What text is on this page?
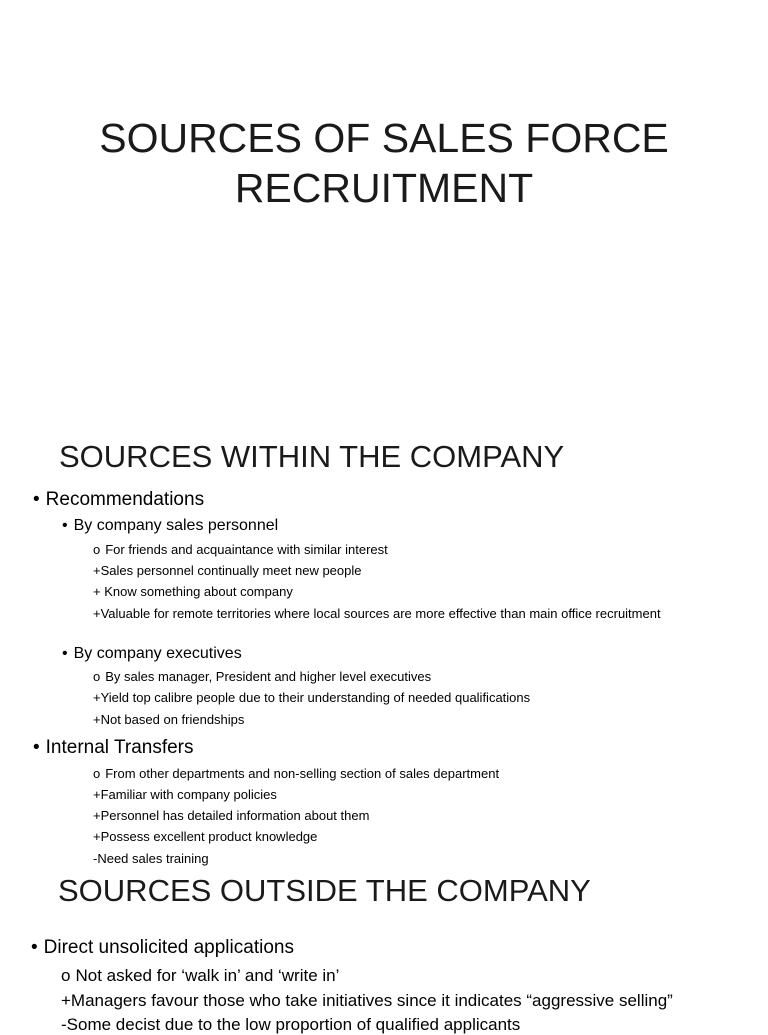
SOURCES OF SALES FORCE
RECRUITMENT
SOURCES WITHIN THE COMPANY
• Recommendations
• By company sales personnel
o For friends and acquaintance with similar interest
+Sales personnel continually meet new people
+ Know something about company
+Valuable for remote territories where local sources are more effective than main office recruitment
• By company executives
o By sales manager, President and higher level executives
+Yield top calibre people due to their understanding of needed qualifications
+Not based on friendships
• Internal Transfers
o From other departments and non-selling section of sales department
+Familiar with company policies
+Personnel has detailed information about them
+Possess excellent product knowledge
-Need sales training
SOURCES OUTSIDE THE COMPANY
• Direct unsolicited applications
o Not asked for ‘walk in’ and ‘write in’
+Managers favour those who take initiatives since it indicates “aggressive selling”
-Some decist due to the low proportion of qualified applicants
